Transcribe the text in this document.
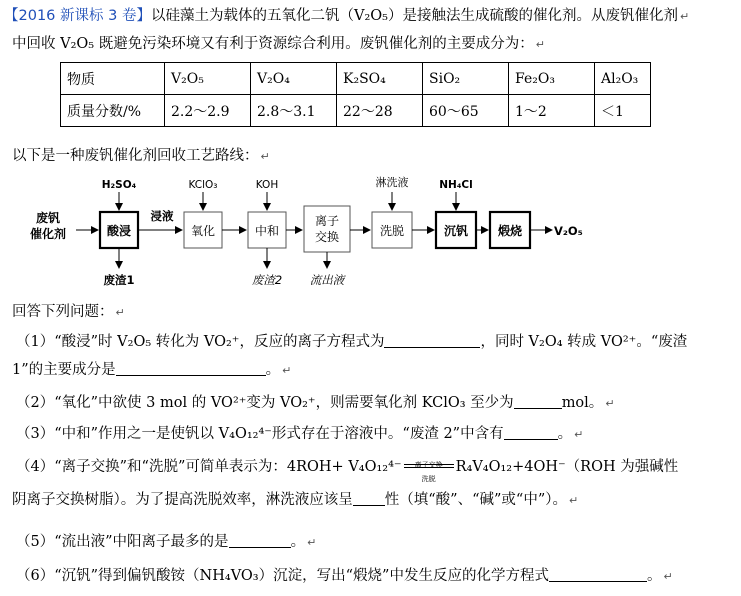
【2016 新课标 3 卷】以硅藻土为载体的五氧化二钒（V₂O₅）是接触法生成硫酸的催化剂。从废钒催化剂 ↵
中回收 V₂O₅ 既避免污染环境又有利于资源综合利用。废钒催化剂的主要成分为： ↵
物质	V₂O₅	V₂O₄	K₂SO₄	SiO₂	Fe₂O₃	Al₂O₃
质量分数/%	2.2～2.9	2.8～3.1	22～28	60～65	1～2	＜1
以下是一种废钒催化剂回收工艺路线： ↵
废钒
催化剂	酸浸
H₂SO₄
废渣1
浸液
氧化
KClO₃
中和
KOH
废渣2
离子交换
流出液
洗脱
淋洗液
沉钒
NH₄Cl
煅烧	V₂O₅
回答下列问题： ↵
（1）“酸浸”时 V₂O₅ 转化为 VO₂⁺，反应的离子方程式为	，同时 V₂O₄ 转成 VO²⁺。“废渣
1”的主要成分是	。 ↵
（2）“氧化”中欲使 3 mol 的 VO²⁺变为 VO₂⁺，则需要氧化剂 KClO₃ 至少为	mol。 ↵
（3）“中和”作用之一是使钒以 V₄O₁₂⁴⁻形式存在于溶液中。“废渣 2”中含有	。 ↵
（4）“离子交换”和“洗脱”可简单表示为：4ROH+ V₄O₁₂⁴⁻	离子交换
洗脱
R₄V₄O₁₂+4OH⁻（ROH 为强碱性
阴离子交换树脂）。为了提高洗脱效率，淋洗液应该呈 性（填“酸”、“碱”或“中”）。 ↵
（5）“流出液”中阳离子最多的是	。 ↵
（6）“沉钒”得到偏钒酸铵（NH₄VO₃）沉淀，写出“煅烧”中发生反应的化学方程式	。 ↵
